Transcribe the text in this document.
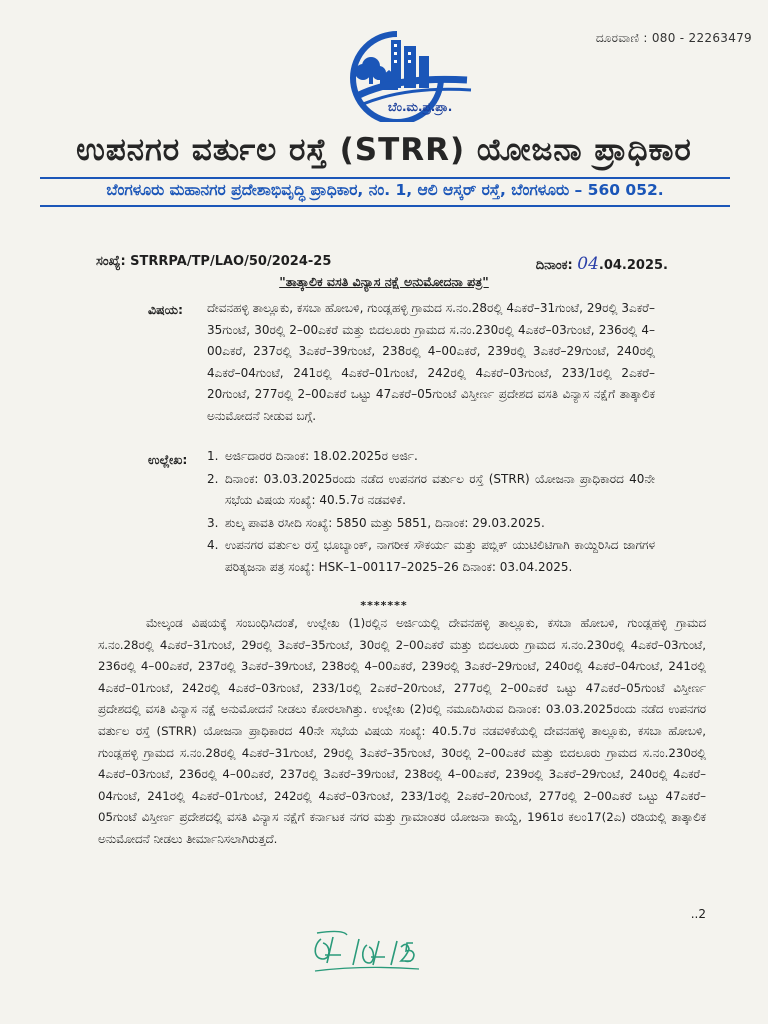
ದೂರವಾಣಿ : 080 - 22263479
ಬೆಂ.ಮ.ಪ್ರ.ಪ್ರಾ.
ಉಪನಗರ ವರ್ತುಲ ರಸ್ತೆ (STRR) ಯೋಜನಾ ಪ್ರಾಧಿಕಾರ
ಬೆಂಗಳೂರು ಮಹಾನಗರ ಪ್ರದೇಶಾಭಿವೃದ್ಧಿ ಪ್ರಾಧಿಕಾರ, ನಂ. 1, ಆಲಿ ಆಸ್ಕರ್ ರಸ್ತೆ, ಬೆಂಗಳೂರು – 560 052.
ಸಂಖ್ಯೆ: STRRPA/TP/LAO/50/2024-25	ದಿನಾಂಕ: 04.04.2025.
"ತಾತ್ಕಾಲಿಕ ವಸತಿ ವಿನ್ಯಾಸ ನಕ್ಷೆ ಅನುಮೋದನಾ ಪತ್ರ"
ವಿಷಯ: ದೇವನಹಳ್ಳಿ ತಾಲ್ಲೂಕು, ಕಸಬಾ ಹೋಬಳಿ, ಗುಂಡ್ಲಹಳ್ಳಿ ಗ್ರಾಮದ ಸ.ನಂ.28ರಲ್ಲಿ 4ಎಕರೆ–31ಗುಂಟೆ, 29ರಲ್ಲಿ 3ಎಕರೆ–35ಗುಂಟೆ, 30ರಲ್ಲಿ 2–00ಎಕರೆ ಮತ್ತು ಬಿದಲೂರು ಗ್ರಾಮದ ಸ.ನಂ.230ರಲ್ಲಿ 4ಎಕರೆ–03ಗುಂಟೆ, 236ರಲ್ಲಿ 4–00ಎಕರೆ, 237ರಲ್ಲಿ 3ಎಕರೆ–39ಗುಂಟೆ, 238ರಲ್ಲಿ 4–00ಎಕರೆ, 239ರಲ್ಲಿ 3ಎಕರೆ–29ಗುಂಟೆ, 240ರಲ್ಲಿ 4ಎಕರೆ–04ಗುಂಟೆ, 241ರಲ್ಲಿ 4ಎಕರೆ–01ಗುಂಟೆ, 242ರಲ್ಲಿ 4ಎಕರೆ–03ಗುಂಟೆ, 233/1ರಲ್ಲಿ 2ಎಕರೆ–20ಗುಂಟೆ, 277ರಲ್ಲಿ 2–00ಎಕರೆ ಒಟ್ಟು 47ಎಕರೆ–05ಗುಂಟೆ ವಿಸ್ತೀರ್ಣ ಪ್ರದೇಶದ ವಸತಿ ವಿನ್ಯಾಸ ನಕ್ಷೆಗೆ ತಾತ್ಕಾಲಿಕ ಅನುಮೋದನೆ ನೀಡುವ ಬಗ್ಗೆ.
ಉಲ್ಲೇಖ: 1. ಅರ್ಜಿದಾರರ ದಿನಾಂಕ: 18.02.2025ರ ಅರ್ಜಿ.
2. ದಿನಾಂಕ: 03.03.2025ರಂದು ನಡೆದ ಉಪನಗರ ವರ್ತುಲ ರಸ್ತೆ (STRR) ಯೋಜನಾ ಪ್ರಾಧಿಕಾರದ 40ನೇ ಸಭೆಯ ವಿಷಯ ಸಂಖ್ಯೆ: 40.5.7ರ ನಡವಳಿಕೆ.
3. ಶುಲ್ಕ ಪಾವತಿ ರಸೀದಿ ಸಂಖ್ಯೆ: 5850 ಮತ್ತು 5851, ದಿನಾಂಕ: 29.03.2025.
4. ಉಪನಗರ ವರ್ತುಲ ರಸ್ತೆ ಭೂಬ್ಯಾಂಕ್, ನಾಗರೀಕ ಸೌಕರ್ಯ ಮತ್ತು ಪಬ್ಲಿಕ್ ಯುಟಿಲಿಟಿಗಾಗಿ ಕಾಯ್ದಿರಿಸಿದ ಜಾಗಗಳ ಪರಿತ್ಯಜನಾ ಪತ್ರ ಸಂಖ್ಯೆ: HSK–1–00117–2025–26 ದಿನಾಂಕ: 03.04.2025.
*******
ಮೇಲ್ಕಂಡ ವಿಷಯಕ್ಕೆ ಸಂಬಂಧಿಸಿದಂತೆ, ಉಲ್ಲೇಖ (1)ರಲ್ಲಿನ ಅರ್ಜಿಯಲ್ಲಿ ದೇವನಹಳ್ಳಿ ತಾಲ್ಲೂಕು, ಕಸಬಾ ಹೋಬಳಿ, ಗುಂಡ್ಲಹಳ್ಳಿ ಗ್ರಾಮದ ಸ.ನಂ.28ರಲ್ಲಿ 4ಎಕರೆ–31ಗುಂಟೆ, 29ರಲ್ಲಿ 3ಎಕರೆ–35ಗುಂಟೆ, 30ರಲ್ಲಿ 2–00ಎಕರೆ ಮತ್ತು ಬಿದಲೂರು ಗ್ರಾಮದ ಸ.ನಂ.230ರಲ್ಲಿ 4ಎಕರೆ–03ಗುಂಟೆ, 236ರಲ್ಲಿ 4–00ಎಕರೆ, 237ರಲ್ಲಿ 3ಎಕರೆ–39ಗುಂಟೆ, 238ರಲ್ಲಿ 4–00ಎಕರೆ, 239ರಲ್ಲಿ 3ಎಕರೆ–29ಗುಂಟೆ, 240ರಲ್ಲಿ 4ಎಕರೆ–04ಗುಂಟೆ, 241ರಲ್ಲಿ 4ಎಕರೆ–01ಗುಂಟೆ, 242ರಲ್ಲಿ 4ಎಕರೆ–03ಗುಂಟೆ, 233/1ರಲ್ಲಿ 2ಎಕರೆ–20ಗುಂಟೆ, 277ರಲ್ಲಿ 2–00ಎಕರೆ ಒಟ್ಟು 47ಎಕರೆ–05ಗುಂಟೆ ವಿಸ್ತೀರ್ಣ ಪ್ರದೇಶದಲ್ಲಿ ವಸತಿ ವಿನ್ಯಾಸ ನಕ್ಷೆ ಅನುಮೋದನೆ ನೀಡಲು ಕೋರಲಾಗಿತ್ತು. ಉಲ್ಲೇಖ (2)ರಲ್ಲಿ ನಮೂದಿಸಿರುವ ದಿನಾಂಕ: 03.03.2025ರಂದು ನಡೆದ ಉಪನಗರ ವರ್ತುಲ ರಸ್ತೆ (STRR) ಯೋಜನಾ ಪ್ರಾಧಿಕಾರದ 40ನೇ ಸಭೆಯ ವಿಷಯ ಸಂಖ್ಯೆ: 40.5.7ರ ನಡವಳಿಕೆಯಲ್ಲಿ ದೇವನಹಳ್ಳಿ ತಾಲ್ಲೂಕು, ಕಸಬಾ ಹೋಬಳಿ, ಗುಂಡ್ಲಹಳ್ಳಿ ಗ್ರಾಮದ ಸ.ನಂ.28ರಲ್ಲಿ 4ಎಕರೆ–31ಗುಂಟೆ, 29ರಲ್ಲಿ 3ಎಕರೆ–35ಗುಂಟೆ, 30ರಲ್ಲಿ 2–00ಎಕರೆ ಮತ್ತು ಬಿದಲೂರು ಗ್ರಾಮದ ಸ.ನಂ.230ರಲ್ಲಿ 4ಎಕರೆ–03ಗುಂಟೆ, 236ರಲ್ಲಿ 4–00ಎಕರೆ, 237ರಲ್ಲಿ 3ಎಕರೆ–39ಗುಂಟೆ, 238ರಲ್ಲಿ 4–00ಎಕರೆ, 239ರಲ್ಲಿ 3ಎಕರೆ–29ಗುಂಟೆ, 240ರಲ್ಲಿ 4ಎಕರೆ–04ಗುಂಟೆ, 241ರಲ್ಲಿ 4ಎಕರೆ–01ಗುಂಟೆ, 242ರಲ್ಲಿ 4ಎಕರೆ–03ಗುಂಟೆ, 233/1ರಲ್ಲಿ 2ಎಕರೆ–20ಗುಂಟೆ, 277ರಲ್ಲಿ 2–00ಎಕರೆ ಒಟ್ಟು 47ಎಕರೆ–05ಗುಂಟೆ ವಿಸ್ತೀರ್ಣ ಪ್ರದೇಶದಲ್ಲಿ ವಸತಿ ವಿನ್ಯಾಸ ನಕ್ಷೆಗೆ ಕರ್ನಾಟಕ ನಗರ ಮತ್ತು ಗ್ರಾಮಾಂತರ ಯೋಜನಾ ಕಾಯ್ದೆ, 1961ರ ಕಲಂ17(2ಎ) ರಡಿಯಲ್ಲಿ ತಾತ್ಕಾಲಿಕ ಅನುಮೋದನೆ ನೀಡಲು ತೀರ್ಮಾನಿಸಲಾಗಿರುತ್ತದೆ.
..2
